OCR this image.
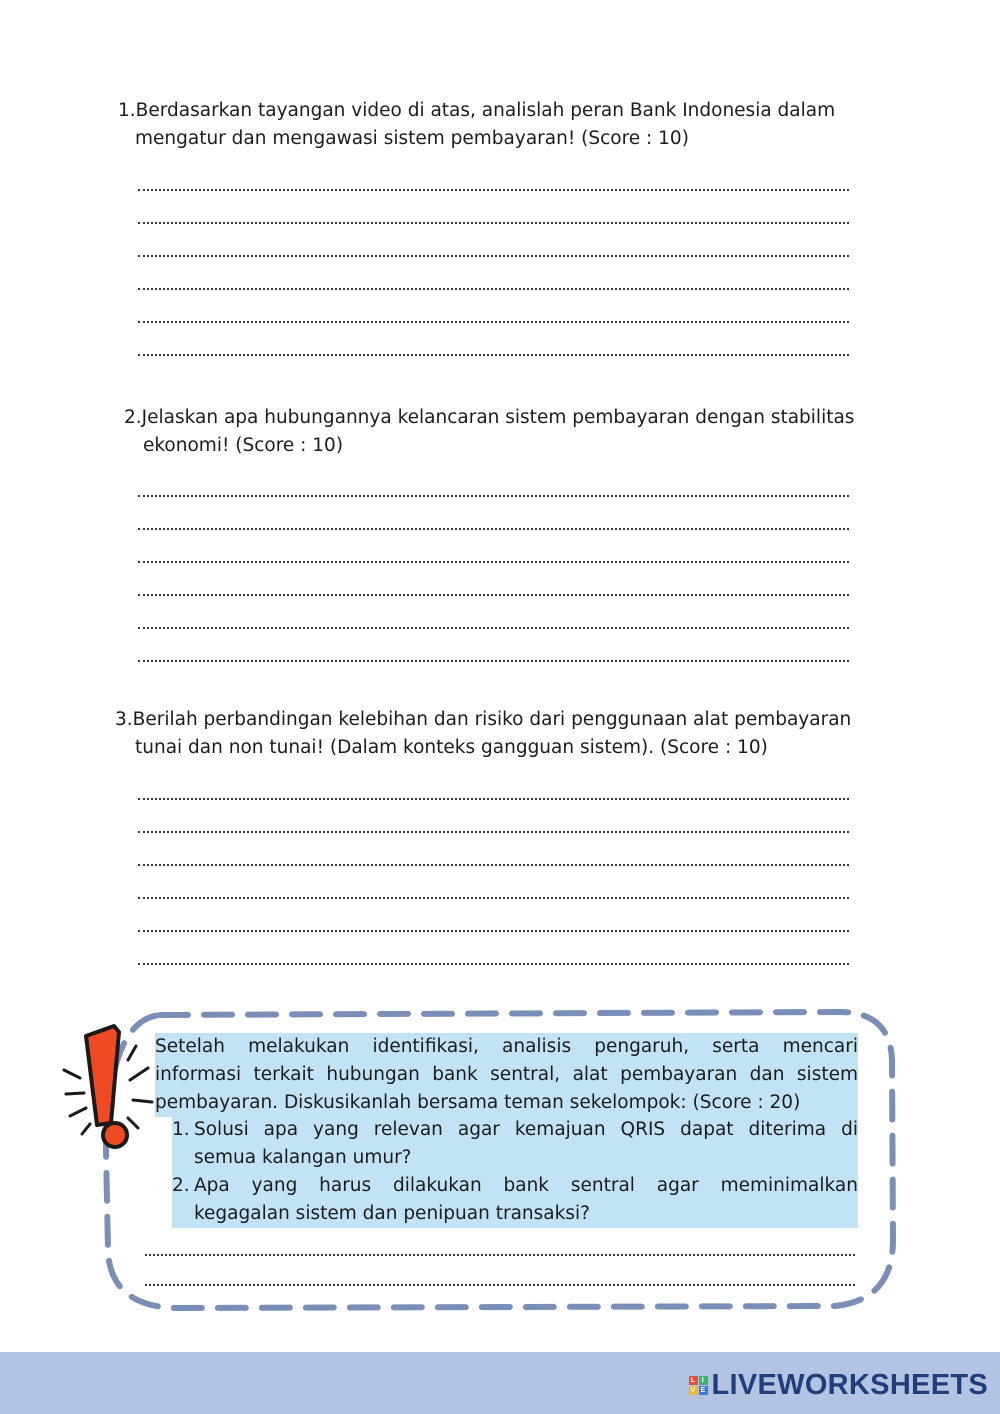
1. Berdasarkan tayangan video di atas, analislah peran Bank Indonesia dalam
mengatur dan mengawasi sistem pembayaran! (Score : 10)
2. Jelaskan apa hubungannya kelancaran sistem pembayaran dengan stabilitas
ekonomi! (Score : 10)
3. Berilah perbandingan kelebihan dan risiko dari penggunaan alat pembayaran
tunai dan non tunai! (Dalam konteks gangguan sistem). (Score : 10)
Setelah melakukan identifikasi, analisis pengaruh, serta mencari
informasi terkait hubungan bank sentral, alat pembayaran dan sistem
pembayaran. Diskusikanlah bersama teman sekelompok: (Score : 20)
1. Solusi apa yang relevan agar kemajuan QRIS dapat diterima di
semua kalangan umur?
2. Apa yang harus dilakukan bank sentral agar meminimalkan
kegagalan sistem dan penipuan transaksi?
L I
V E LIVEWORKSHEETS
